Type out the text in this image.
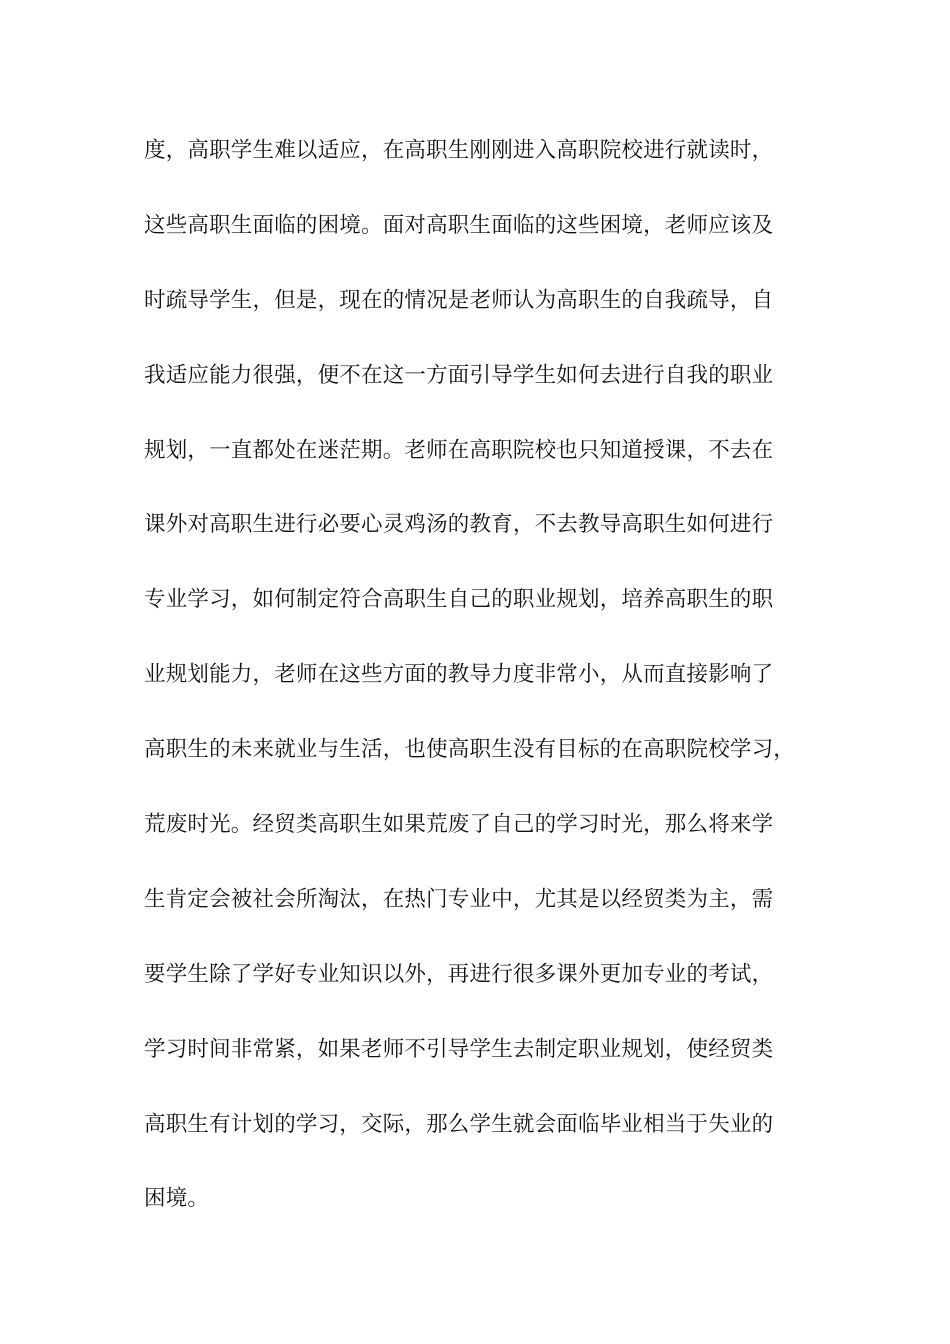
度，高职学生难以适应，在高职生刚刚进入高职院校进行就读时，
这些高职生面临的困境。面对高职生面临的这些困境，老师应该及
时疏导学生，但是，现在的情况是老师认为高职生的自我疏导，自
我适应能力很强，便不在这一方面引导学生如何去进行自我的职业
规划，一直都处在迷茫期。老师在高职院校也只知道授课，不去在
课外对高职生进行必要心灵鸡汤的教育，不去教导高职生如何进行
专业学习，如何制定符合高职生自己的职业规划，培养高职生的职
业规划能力，老师在这些方面的教导力度非常小，从而直接影响了
高职生的未来就业与生活，也使高职生没有目标的在高职院校学习，
荒废时光。经贸类高职生如果荒废了自己的学习时光，那么将来学
生肯定会被社会所淘汰，在热门专业中，尤其是以经贸类为主，需
要学生除了学好专业知识以外，再进行很多课外更加专业的考试，
学习时间非常紧，如果老师不引导学生去制定职业规划，使经贸类
高职生有计划的学习，交际，那么学生就会面临毕业相当于失业的
困境。
